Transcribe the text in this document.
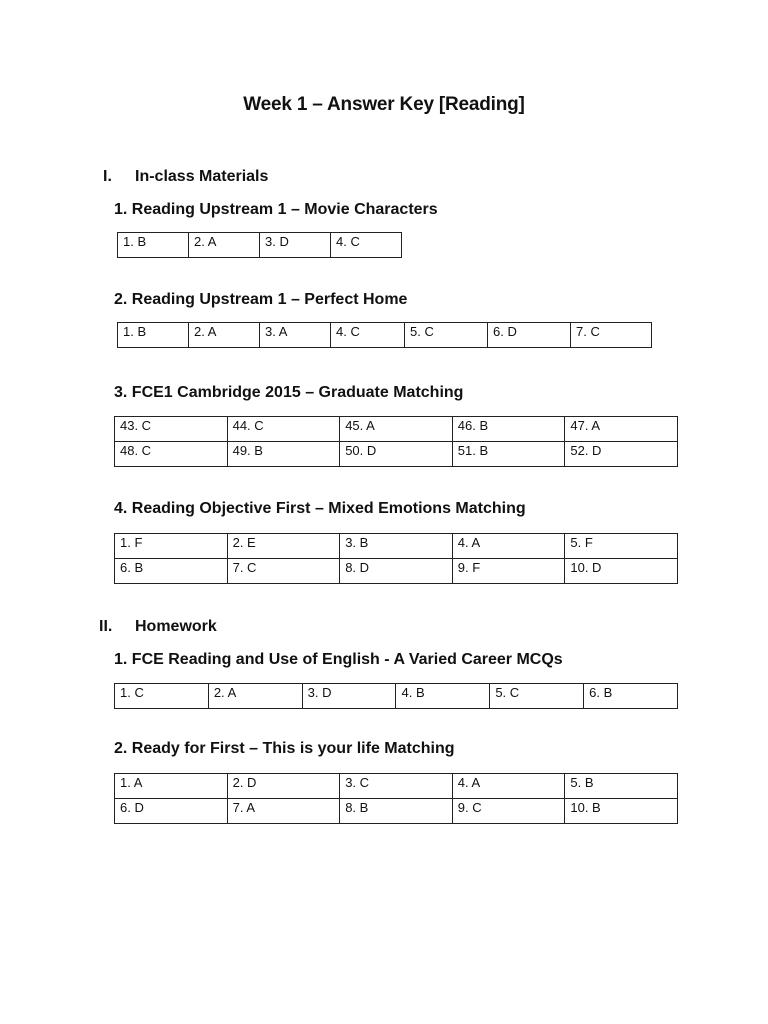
Week 1 – Answer Key [Reading]
I. In-class Materials
1. Reading Upstream 1 – Movie Characters
1. B	2. A	3. D	4. C
2. Reading Upstream 1 – Perfect Home
1. B	2. A	3. A	4. C	5. C	6. D	7. C
3. FCE1 Cambridge 2015 – Graduate Matching
43. C	44. C	45. A	46. B	47. A
48. C	49. B	50. D	51. B	52. D
4. Reading Objective First – Mixed Emotions Matching
1. F	2. E	3. B	4. A	5. F
6. B	7. C	8. D	9. F	10. D
II. Homework
1. FCE Reading and Use of English - A Varied Career MCQs
1. C	2. A	3. D	4. B	5. C	6. B
2. Ready for First – This is your life Matching
1. A	2. D	3. C	4. A	5. B
6. D	7. A	8. B	9. C	10. B
